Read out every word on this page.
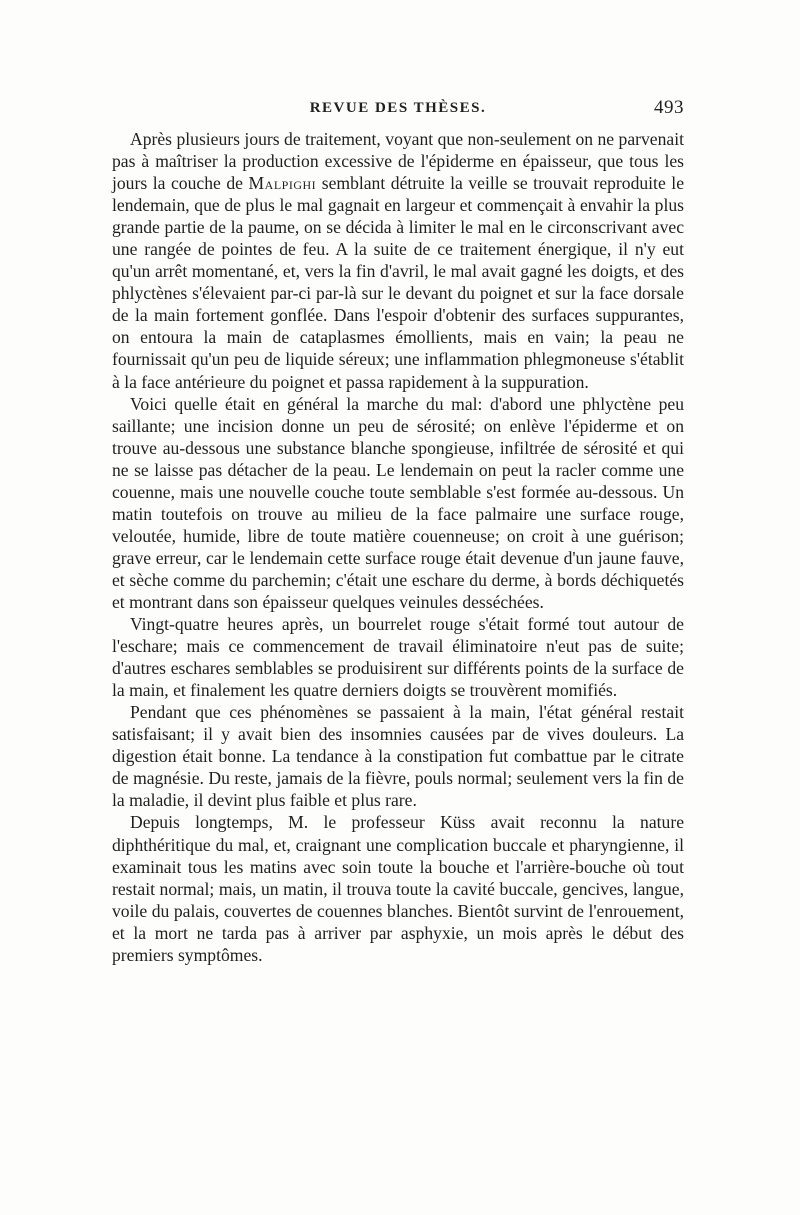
REVUE DES THÈSES.	493

Après plusieurs jours de traitement, voyant que non-seulement on ne parvenait pas à maîtriser la production excessive de l'épiderme en épaisseur, que tous les jours la couche de Malpighi semblant détruite la veille se trouvait reproduite le lendemain, que de plus le mal gagnait en largeur et commençait à envahir la plus grande partie de la paume, on se décida à limiter le mal en le circonscrivant avec une rangée de pointes de feu. A la suite de ce traitement énergique, il n'y eut qu'un arrêt momentané, et, vers la fin d'avril, le mal avait gagné les doigts, et des phlyctènes s'élevaient par-ci par-là sur le devant du poignet et sur la face dorsale de la main fortement gonflée. Dans l'espoir d'obtenir des surfaces suppurantes, on entoura la main de cataplasmes émollients, mais en vain; la peau ne fournissait qu'un peu de liquide séreux; une inflammation phlegmoneuse s'établit à la face antérieure du poignet et passa rapidement à la suppuration.

Voici quelle était en général la marche du mal: d'abord une phlyctène peu saillante; une incision donne un peu de sérosité; on enlève l'épiderme et on trouve au-dessous une substance blanche spongieuse, infiltrée de sérosité et qui ne se laisse pas détacher de la peau. Le lendemain on peut la racler comme une couenne, mais une nouvelle couche toute semblable s'est formée au-dessous. Un matin toutefois on trouve au milieu de la face palmaire une surface rouge, veloutée, humide, libre de toute matière couenneuse; on croit à une guérison; grave erreur, car le lendemain cette surface rouge était devenue d'un jaune fauve, et sèche comme du parchemin; c'était une eschare du derme, à bords déchiquetés et montrant dans son épaisseur quelques veinules desséchées.

Vingt-quatre heures après, un bourrelet rouge s'était formé tout autour de l'eschare; mais ce commencement de travail éliminatoire n'eut pas de suite; d'autres eschares semblables se produisirent sur différents points de la surface de la main, et finalement les quatre derniers doigts se trouvèrent momifiés.

Pendant que ces phénomènes se passaient à la main, l'état général restait satisfaisant; il y avait bien des insomnies causées par de vives douleurs. La digestion était bonne. La tendance à la constipation fut combattue par le citrate de magnésie. Du reste, jamais de la fièvre, pouls normal; seulement vers la fin de la maladie, il devint plus faible et plus rare.

Depuis longtemps, M. le professeur Küss avait reconnu la nature diphthéritique du mal, et, craignant une complication buccale et pharyngienne, il examinait tous les matins avec soin toute la bouche et l'arrière-bouche où tout restait normal; mais, un matin, il trouva toute la cavité buccale, gencives, langue, voile du palais, couvertes de couennes blanches. Bientôt survint de l'enrouement, et la mort ne tarda pas à arriver par asphyxie, un mois après le début des premiers symptômes.
